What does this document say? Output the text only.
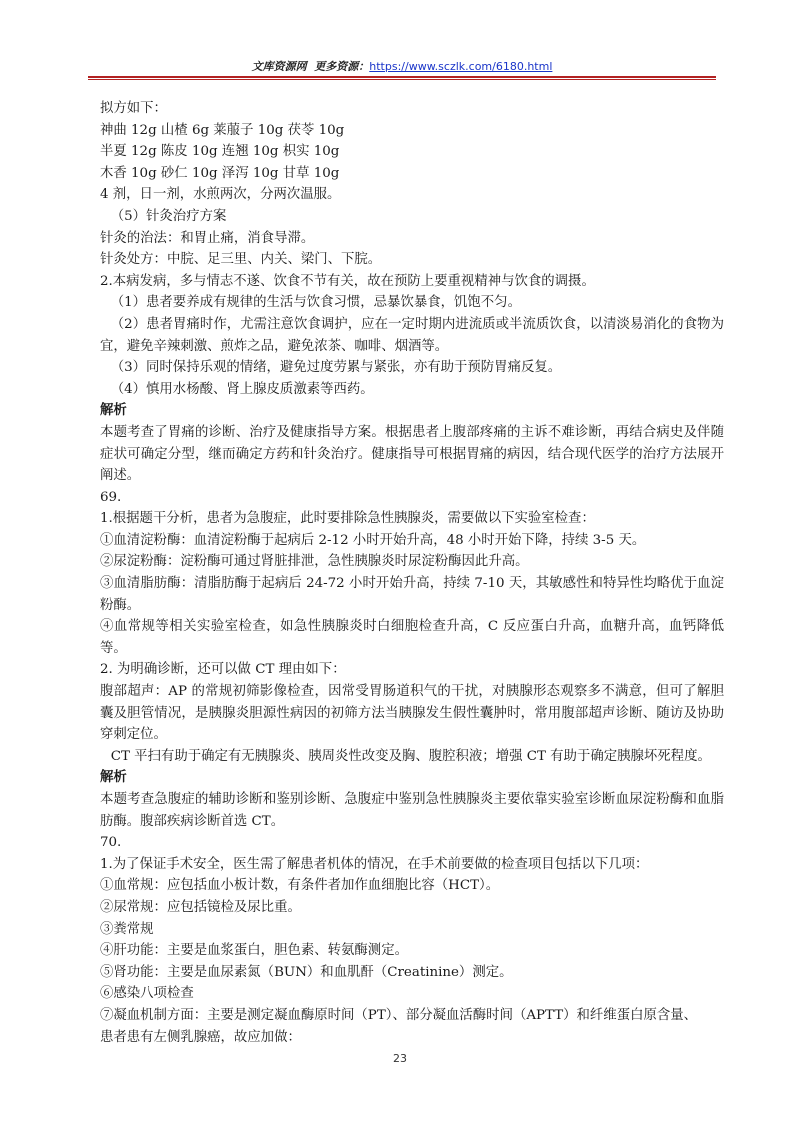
文库资源网 更多资源：https://www.sczlk.com/6180.html

拟方如下：

神曲 12g 山楂 6g 莱菔子 10g 茯苓 10g

半夏 12g 陈皮 10g 连翘 10g 枳实 10g

木香 10g 砂仁 10g 泽泻 10g 甘草 10g

4 剂，日一剂，水煎两次，分两次温服。

（5）针灸治疗方案

针灸的治法：和胃止痛，消食导滞。

针灸处方：中脘、足三里、内关、梁门、下脘。

2.本病发病，多与情志不遂、饮食不节有关，故在预防上要重视精神与饮食的调摄。

（1）患者要养成有规律的生活与饮食习惯，忌暴饮暴食，饥饱不匀。

（2）患者胃痛时作，尤需注意饮食调护，应在一定时期内进流质或半流质饮食，以清淡易消化的食物为宜，避免辛辣刺激、煎炸之品，避免浓茶、咖啡、烟酒等。

（3）同时保持乐观的情绪，避免过度劳累与紧张，亦有助于预防胃痛反复。

（4）慎用水杨酸、肾上腺皮质激素等西药。

解析

本题考查了胃痛的诊断、治疗及健康指导方案。根据患者上腹部疼痛的主诉不难诊断，再结合病史及伴随症状可确定分型，继而确定方药和针灸治疗。健康指导可根据胃痛的病因，结合现代医学的治疗方法展开阐述。

69.

1.根据题干分析，患者为急腹症，此时要排除急性胰腺炎，需要做以下实验室检查：

①血清淀粉酶：血清淀粉酶于起病后 2-12 小时开始升高，48 小时开始下降，持续 3-5 天。

②尿淀粉酶：淀粉酶可通过肾脏排泄，急性胰腺炎时尿淀粉酶因此升高。

③血清脂肪酶：清脂肪酶于起病后 24-72 小时开始升高，持续 7-10 天，其敏感性和特异性均略优于血淀粉酶。

④血常规等相关实验室检查，如急性胰腺炎时白细胞检查升高，C 反应蛋白升高，血糖升高，血钙降低等。

2. 为明确诊断，还可以做 CT 理由如下：

腹部超声：AP 的常规初筛影像检查，因常受胃肠道积气的干扰，对胰腺形态观察多不满意，但可了解胆囊及胆管情况，是胰腺炎胆源性病因的初筛方法当胰腺发生假性囊肿时，常用腹部超声诊断、随访及协助穿刺定位。

CT 平扫有助于确定有无胰腺炎、胰周炎性改变及胸、腹腔积液；增强 CT 有助于确定胰腺坏死程度。

解析

本题考查急腹症的辅助诊断和鉴别诊断、急腹症中鉴别急性胰腺炎主要依靠实验室诊断血尿淀粉酶和血脂肪酶。腹部疾病诊断首选 CT。

70.

1.为了保证手术安全，医生需了解患者机体的情况，在手术前要做的检查项目包括以下几项：

①血常规：应包括血小板计数，有条件者加作血细胞比容（HCT）。

②尿常规：应包括镜检及尿比重。

③粪常规

④肝功能：主要是血浆蛋白，胆色素、转氨酶测定。

⑤肾功能：主要是血尿素氮（BUN）和血肌酐（Creatinine）测定。

⑥感染八项检查

⑦凝血机制方面：主要是测定凝血酶原时间（PT）、部分凝血活酶时间（APTT）和纤维蛋白原含量、

患者患有左侧乳腺癌，故应加做：

23
